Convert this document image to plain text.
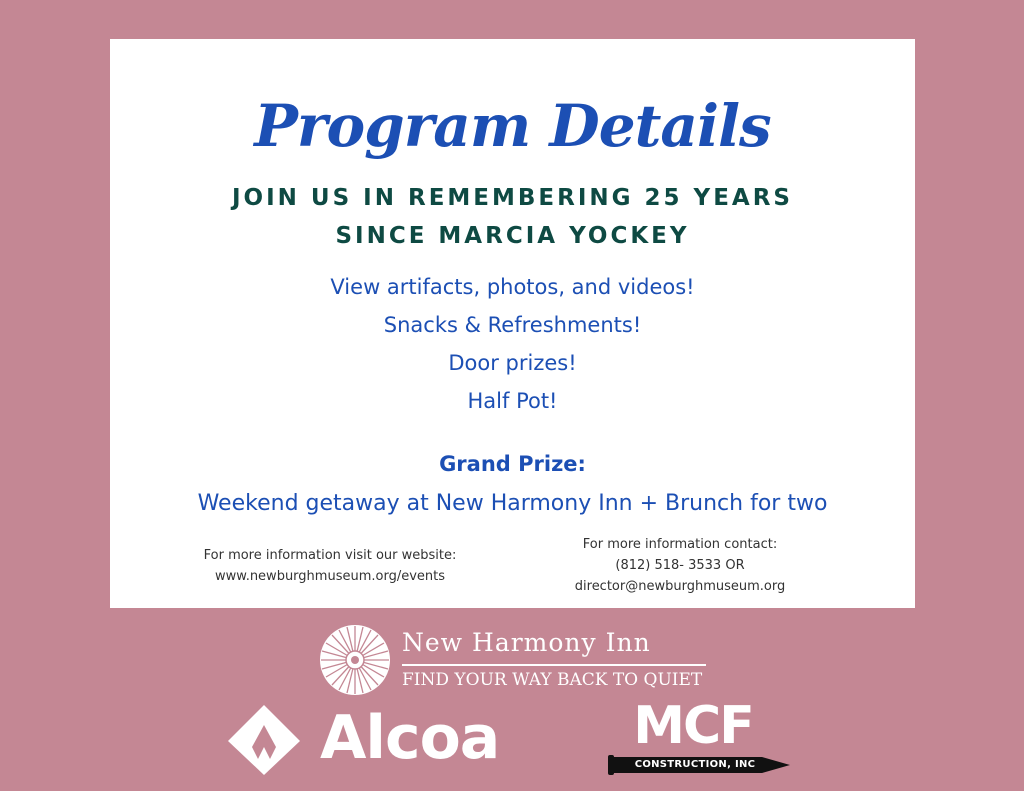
Program Details
JOIN US IN REMEMBERING 25 YEARS
SINCE MARCIA YOCKEY
View artifacts, photos, and videos!
Snacks & Refreshments!
Door prizes!
Half Pot!
Grand Prize:
Weekend getaway at New Harmony Inn + Brunch for two
For more information visit our website:
www.newburghmuseum.org/events
For more information contact:
(812) 518- 3533 OR
director@newburghmuseum.org
New Harmony Inn
FIND YOUR WAY BACK TO QUIET
Alcoa	MCF
CONSTRUCTION, INC
